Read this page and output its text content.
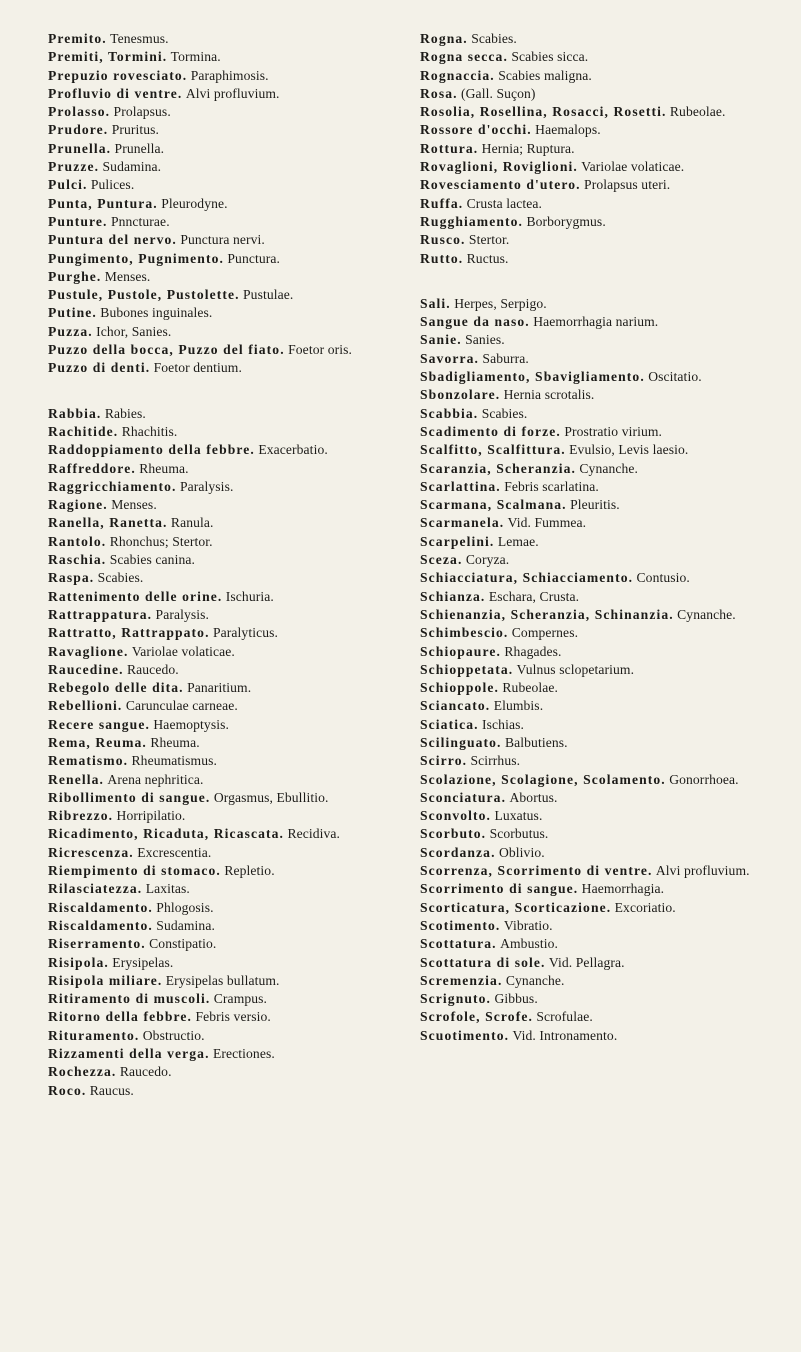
Premito. Tenesmus.

Premiti, Tormini. Tormina.

Prepuzio rovesciato. Paraphimosis.

Profluvio di ventre. Alvi profluvium.

Prolasso. Prolapsus.

Prudore. Pruritus.

Prunella. Prunella.

Pruzze. Sudamina.

Pulci. Pulices.

Punta, Puntura. Pleurodyne.

Punture. Pnncturae.

Puntura del nervo. Punctura nervi.

Pungimento, Pugnimento. Punctura.

Purghe. Menses.

Pustule, Pustole, Pustolette. Pustulae.

Putine. Bubones inguinales.

Puzza. Ichor, Sanies.

Puzzo della bocca, Puzzo del fiato. Foetor oris.

Puzzo di denti. Foetor dentium.

Rabbia. Rabies.

Rachitide. Rhachitis.

Raddoppiamento della febbre. Exacerbatio.

Raffreddore. Rheuma.

Raggricchiamento. Paralysis.

Ragione. Menses.

Ranella, Ranetta. Ranula.

Rantolo. Rhonchus; Stertor.

Raschia. Scabies canina.

Raspa. Scabies.

Rattenimento delle orine. Ischuria.

Rattrappatura. Paralysis.

Rattratto, Rattrappato. Paralyticus.

Ravaglione. Variolae volaticae.

Raucedine. Raucedo.

Rebegolo delle dita. Panaritium.

Rebellioni. Carunculae carneae.

Recere sangue. Haemoptysis.

Rema, Reuma. Rheuma.

Rematismo. Rheumatismus.

Renella. Arena nephritica.

Ribollimento di sangue. Orgasmus, Ebullitio.

Ribrezzo. Horripilatio.

Ricadimento, Ricaduta, Ricascata. Recidiva.

Ricrescenza. Excrescentia.

Riempimento di stomaco. Repletio.

Rilasciatezza. Laxitas.

Riscaldamento. Phlogosis.

Riscaldamento. Sudamina.

Riserramento. Constipatio.

Risipola. Erysipelas.

Risipola miliare. Erysipelas bullatum.

Ritiramento di muscoli. Crampus.

Ritorno della febbre. Febris versio.

Rituramento. Obstructio.

Rizzamenti della verga. Erectiones.

Rochezza. Raucedo.

Roco. Raucus.

Rogna. Scabies.

Rogna secca. Scabies sicca.

Rognaccia. Scabies maligna.

Rosa. (Gall. Suçon)

Rosolia, Rosellina, Rosacci, Rosetti. Rubeolae.

Rossore d'occhi. Haemalops.

Rottura. Hernia; Ruptura.

Rovaglioni, Roviglioni. Variolae volaticae.

Rovesciamento d'utero. Prolapsus uteri.

Ruffa. Crusta lactea.

Rugghiamento. Borborygmus.

Rusco. Stertor.

Rutto. Ructus.

Sali. Herpes, Serpigo.

Sangue da naso. Haemorrhagia narium.

Sanie. Sanies.

Savorra. Saburra.

Sbadigliamento, Sbavigliamento. Oscitatio.

Sbonzolare. Hernia scrotalis.

Scabbia. Scabies.

Scadimento di forze. Prostratio virium.

Scalfitto, Scalfittura. Evulsio, Levis laesio.

Scaranzia, Scheranzia. Cynanche.

Scarlattina. Febris scarlatina.

Scarmana, Scalmana. Pleuritis.

Scarmanela. Vid. Fummea.

Scarpelini. Lemae.

Sceza. Coryza.

Schiacciatura, Schiacciamento. Contusio.

Schianza. Eschara, Crusta.

Schienanzia, Scheranzia, Schinanzia. Cynanche.

Schimbescio. Compernes.

Schiopaure. Rhagades.

Schioppetata. Vulnus sclopetarium.

Schioppole. Rubeolae.

Sciancato. Elumbis.

Sciatica. Ischias.

Scilinguato. Balbutiens.

Scirro. Scirrhus.

Scolazione, Scolagione, Scolamento. Gonorrhoea.

Sconciatura. Abortus.

Sconvolto. Luxatus.

Scorbuto. Scorbutus.

Scordanza. Oblivio.

Scorrenza, Scorrimento di ventre. Alvi profluvium.

Scorrimento di sangue. Haemorrhagia.

Scorticatura, Scorticazione. Excoriatio.

Scotimento. Vibratio.

Scottatura. Ambustio.

Scottatura di sole. Vid. Pellagra.

Scremenzia. Cynanche.

Scrignuto. Gibbus.

Scrofole, Scrofe. Scrofulae.

Scuotimento. Vid. Intronamento.
